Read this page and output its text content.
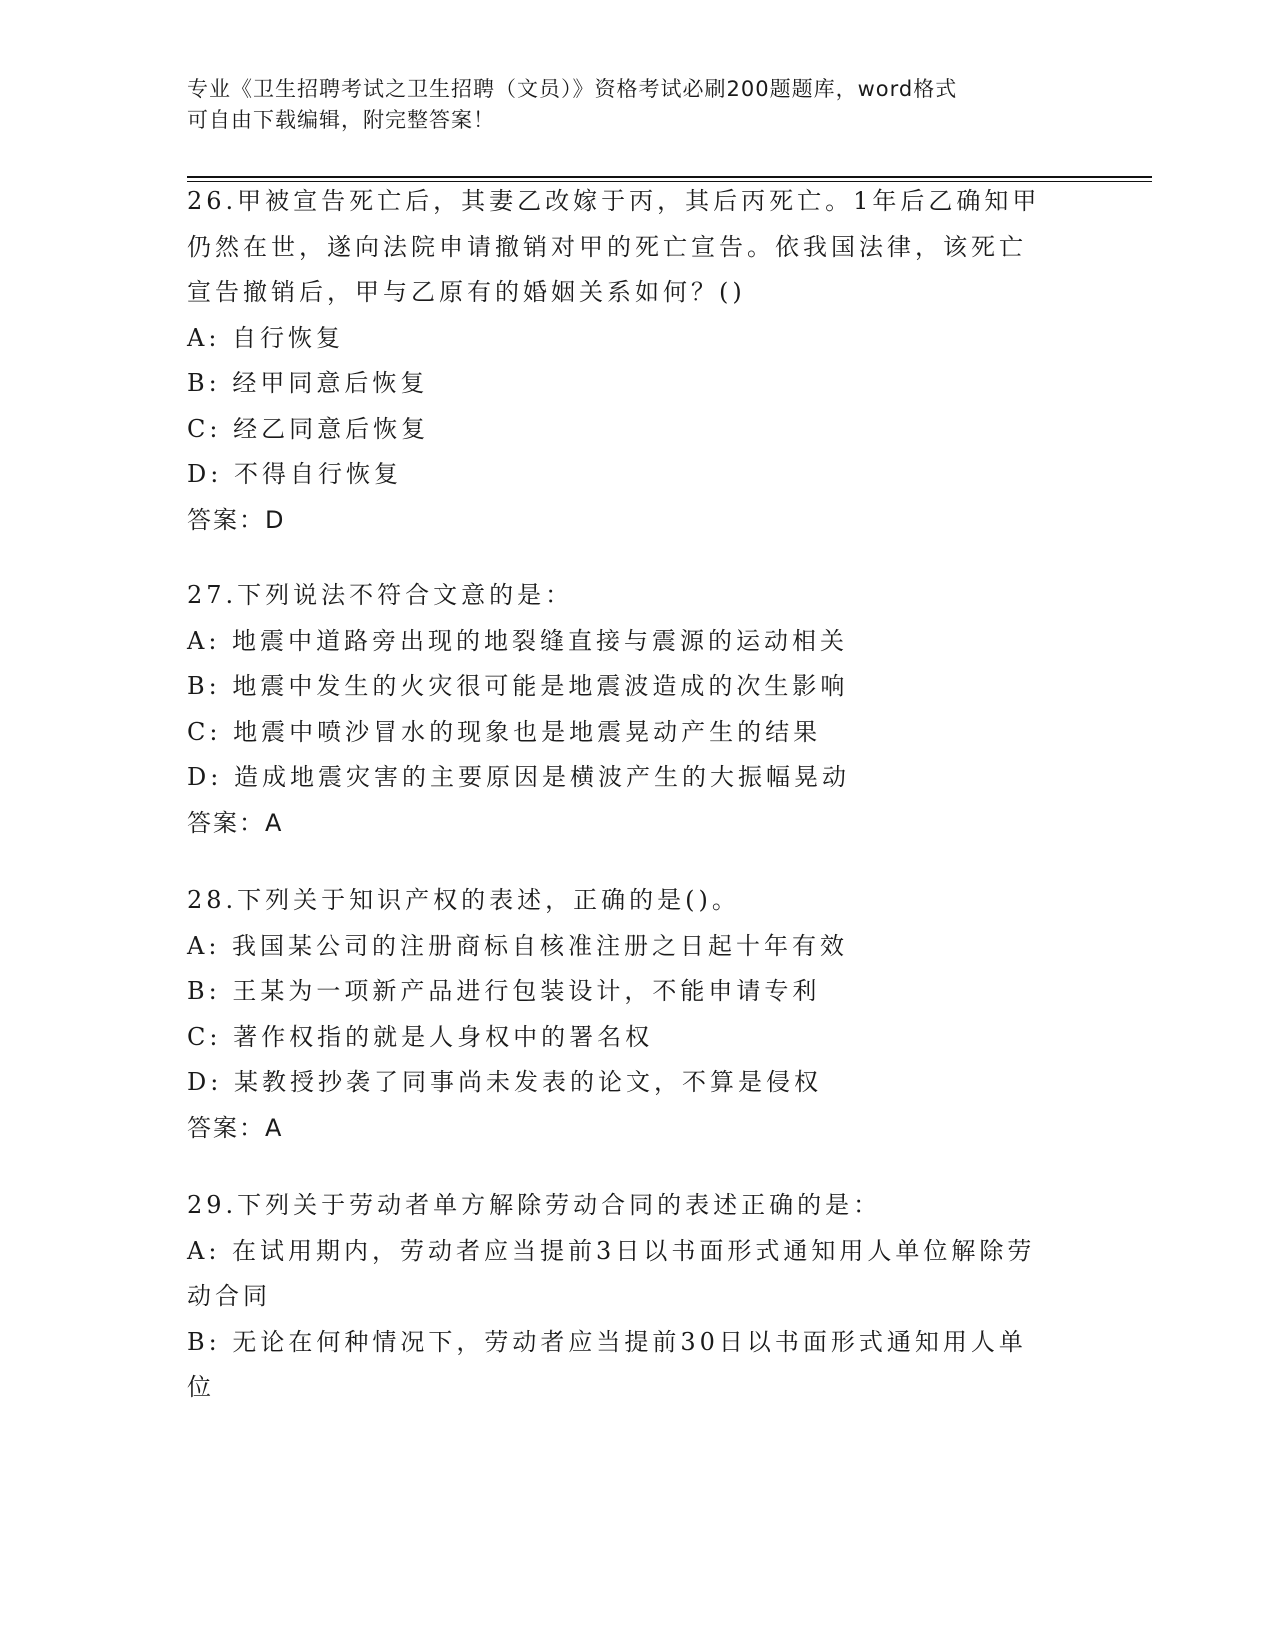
专业《卫生招聘考试之卫生招聘（文员）》资格考试必刷200题题库，word格式
可自由下载编辑，附完整答案！
26.甲被宣告死亡后，其妻乙改嫁于丙，其后丙死亡。1年后乙确知甲
仍然在世，遂向法院申请撤销对甲的死亡宣告。依我国法律，该死亡
宣告撤销后，甲与乙原有的婚姻关系如何？()
A: 自行恢复
B: 经甲同意后恢复
C: 经乙同意后恢复
D: 不得自行恢复
答案：D
27.下列说法不符合文意的是：
A: 地震中道路旁出现的地裂缝直接与震源的运动相关
B: 地震中发生的火灾很可能是地震波造成的次生影响
C: 地震中喷沙冒水的现象也是地震晃动产生的结果
D: 造成地震灾害的主要原因是横波产生的大振幅晃动
答案：A
28.下列关于知识产权的表述，正确的是()。
A: 我国某公司的注册商标自核准注册之日起十年有效
B: 王某为一项新产品进行包装设计，不能申请专利
C: 著作权指的就是人身权中的署名权
D: 某教授抄袭了同事尚未发表的论文，不算是侵权
答案：A
29.下列关于劳动者单方解除劳动合同的表述正确的是：
A: 在试用期内，劳动者应当提前3日以书面形式通知用人单位解除劳
动合同
B: 无论在何种情况下，劳动者应当提前30日以书面形式通知用人单
位
